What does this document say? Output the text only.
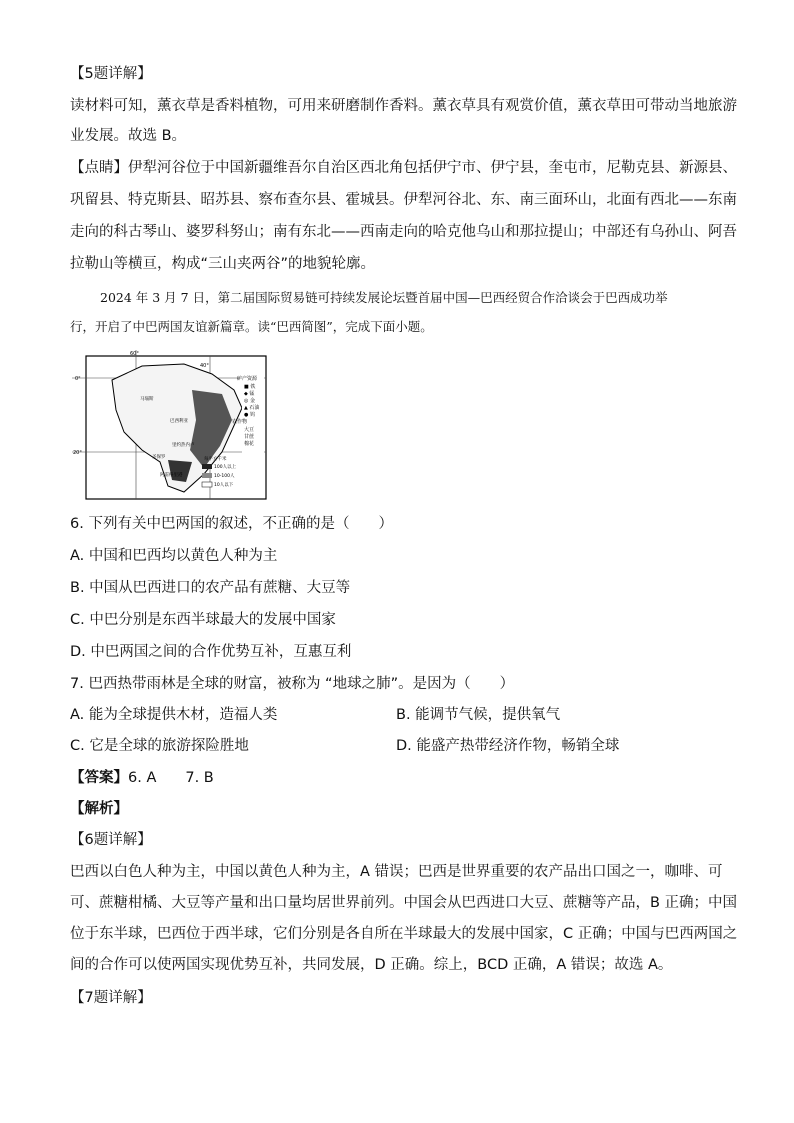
【5题详解】
读材料可知，薰衣草是香料植物，可用来研磨制作香料。薰衣草具有观赏价值，薰衣草田可带动当地旅游
业发展。故选 B。
【点睛】伊犁河谷位于中国新疆维吾尔自治区西北角包括伊宁市、伊宁县，奎屯市，尼勒克县、新源县、
巩留县、特克斯县、昭苏县、察布查尔县、霍城县。伊犁河谷北、东、南三面环山，北面有西北——东南
走向的科古琴山、婆罗科努山；南有东北——西南走向的哈克他乌山和那拉提山；中部还有乌孙山、阿吾
拉勒山等横亘，构成“三山夹两谷”的地貌轮廓。
2024 年 3 月 7 日，第二届国际贸易链可持续发展论坛暨首届中国—巴西经贸合作洽谈会于巴西成功举
行，开启了中巴两国友谊新篇章。读“巴西简图”，完成下面小题。
60°
40°
0°
20°
矿产资源
■ 铁
◆ 锰
◎ 金
▲ 石油
● 钨
农作物
大豆
甘蔗
棉花
每平方千米
100人以上
10-100人
10人以下
马瑙斯
巴西利亚
里约热内卢
圣保罗
阿雷格里港
6. 下列有关中巴两国的叙述，不正确的是（　　）
A. 中国和巴西均以黄色人种为主
B. 中国从巴西进口的农产品有蔗糖、大豆等
C. 中巴分别是东西半球最大的发展中国家
D. 中巴两国之间的合作优势互补，互惠互利
7. 巴西热带雨林是全球的财富，被称为 “地球之肺”。是因为（　　）
A. 能为全球提供木材，造福人类	B. 能调节气候，提供氧气
C. 它是全球的旅游探险胜地	D. 能盛产热带经济作物，畅销全球
【答案】6. A　　7. B
【解析】
【6题详解】
巴西以白色人种为主，中国以黄色人种为主，A 错误；巴西是世界重要的农产品出口国之一，咖啡、可
可、蔗糖柑橘、大豆等产量和出口量均居世界前列。中国会从巴西进口大豆、蔗糖等产品，B 正确；中国
位于东半球，巴西位于西半球，它们分别是各自所在半球最大的发展中国家，C 正确；中国与巴西两国之
间的合作可以使两国实现优势互补，共同发展，D 正确。综上，BCD 正确，A 错误；故选 A。
【7题详解】
